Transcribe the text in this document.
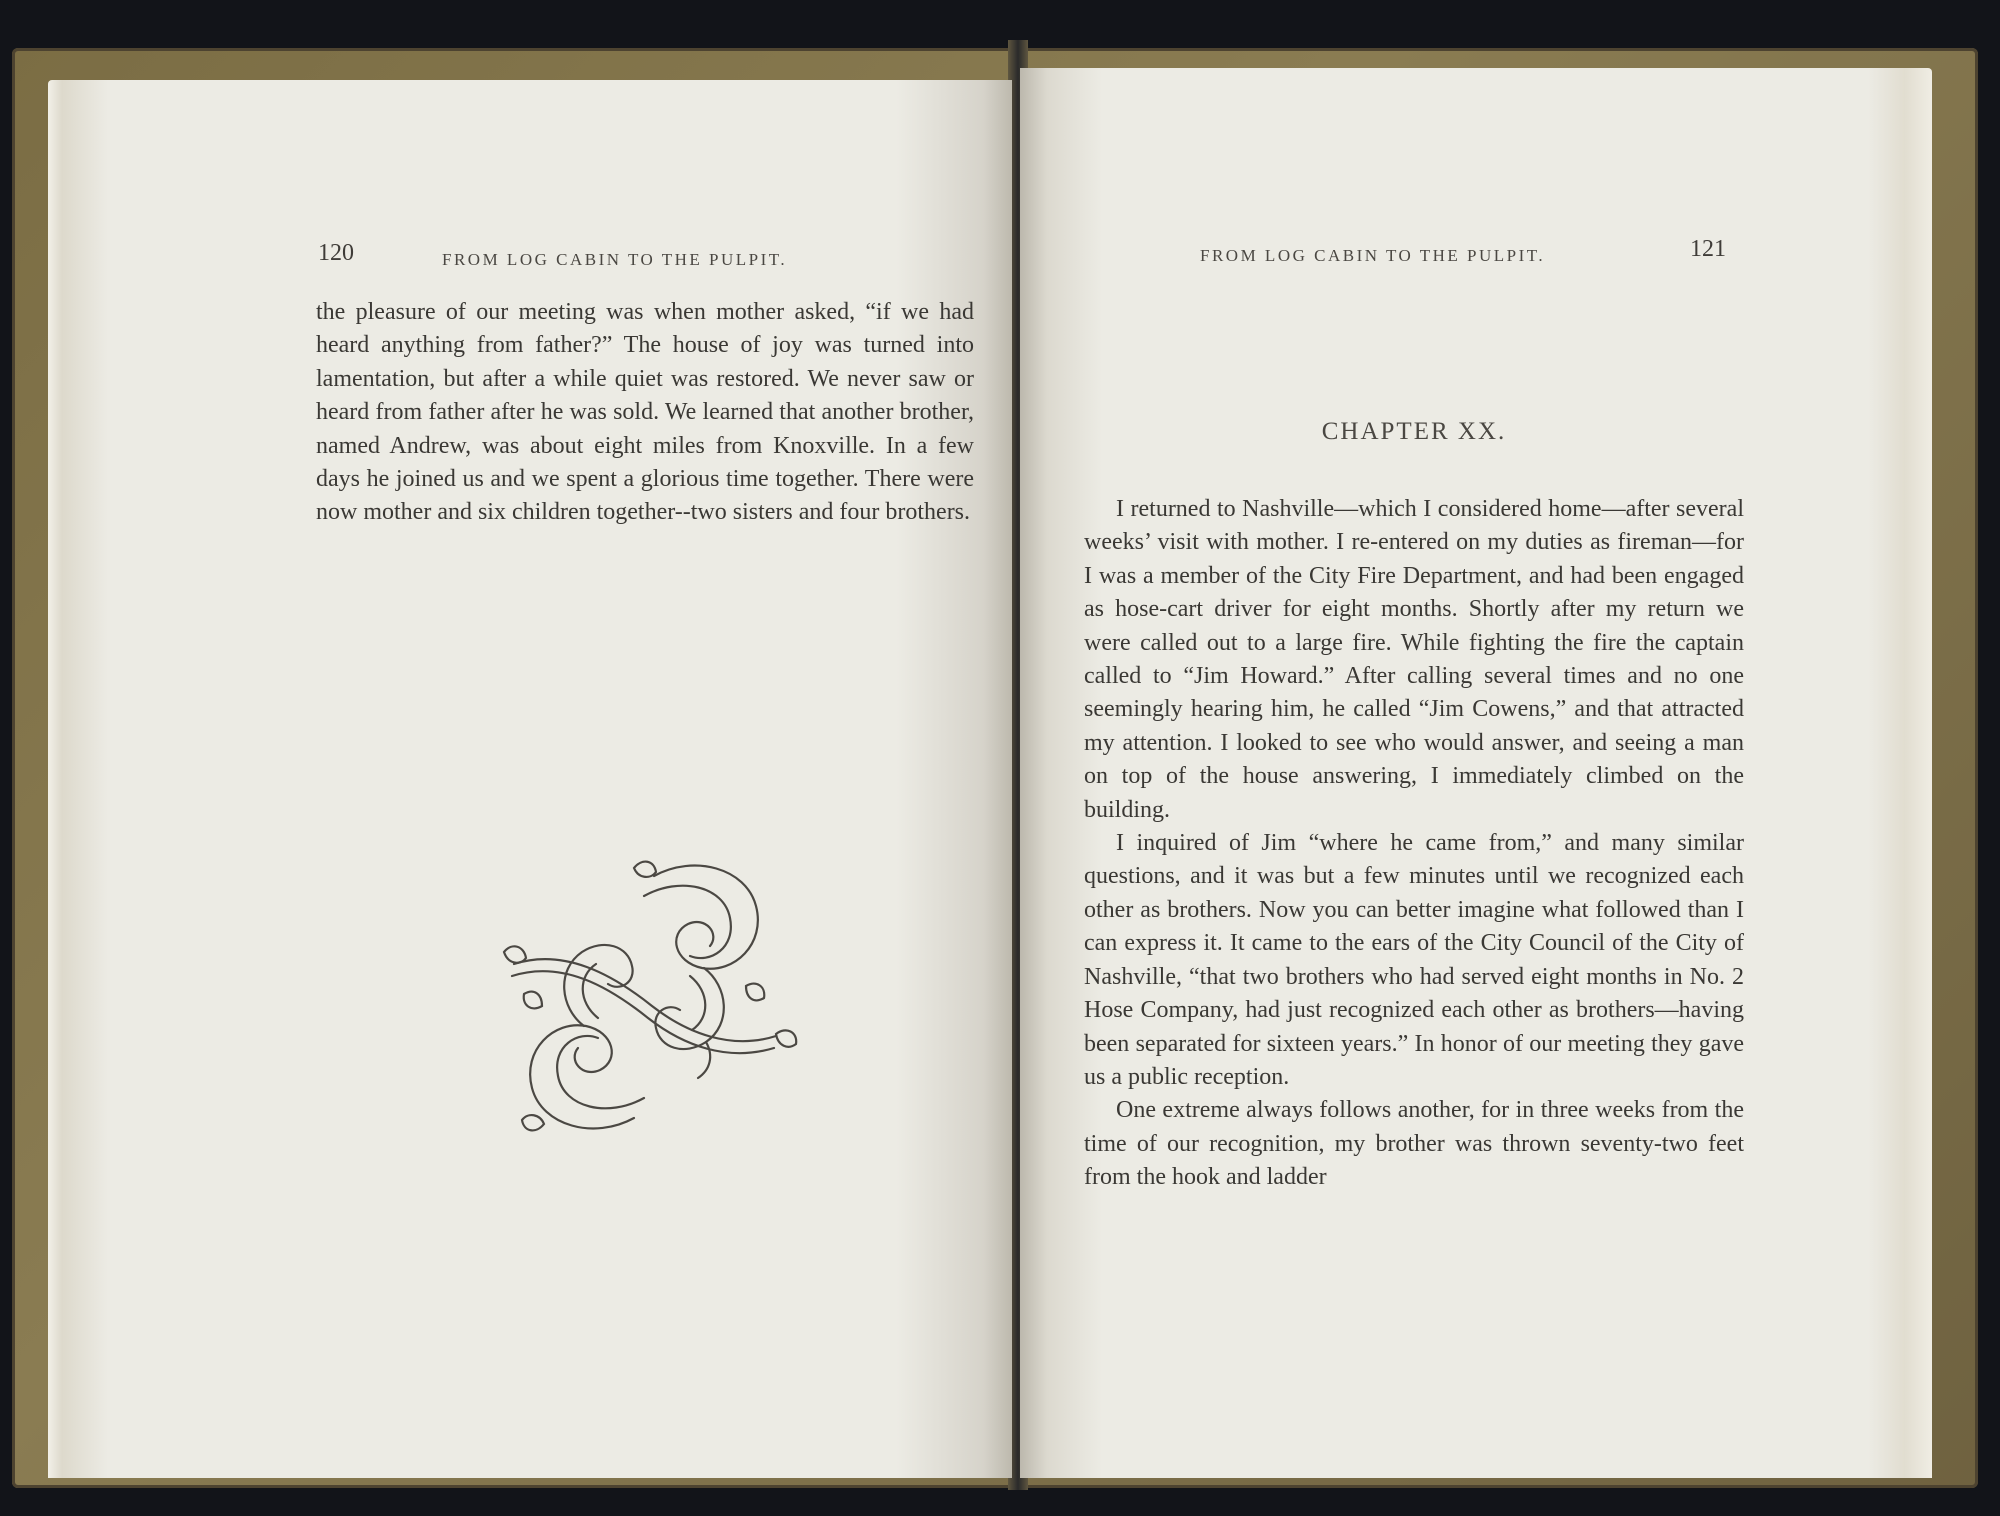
120	FROM LOG CABIN TO THE PULPIT.

the pleasure of our meeting was when mother asked, “if we had heard anything from father?” The house of joy was turned into lamentation, but after a while quiet was restored. We never saw or heard from father after he was sold. We learned that another brother, named Andrew, was about eight miles from Knoxville. In a few days he joined us and we spent a glorious time together. There were now mother and six children together--two sisters and four brothers.

FROM LOG CABIN TO THE PULPIT.	121
CHAPTER XX.

I returned to Nashville—which I considered home—after several weeks’ visit with mother. I re-entered on my duties as fireman—for I was a member of the City Fire Department, and had been engaged as hose-cart driver for eight months. Shortly after my return we were called out to a large fire. While fighting the fire the captain called to “Jim Howard.” After calling several times and no one seemingly hearing him, he called “Jim Cowens,” and that attracted my attention. I looked to see who would answer, and seeing a man on top of the house answering, I immediately climbed on the building.

I inquired of Jim “where he came from,” and many similar questions, and it was but a few minutes until we recognized each other as brothers. Now you can better imagine what followed than I can express it. It came to the ears of the City Council of the City of Nashville, “that two brothers who had served eight months in No. 2 Hose Company, had just recognized each other as brothers—having been separated for sixteen years.” In honor of our meeting they gave us a public reception.

One extreme always follows another, for in three weeks from the time of our recognition, my brother was thrown seventy-two feet from the hook and ladder
